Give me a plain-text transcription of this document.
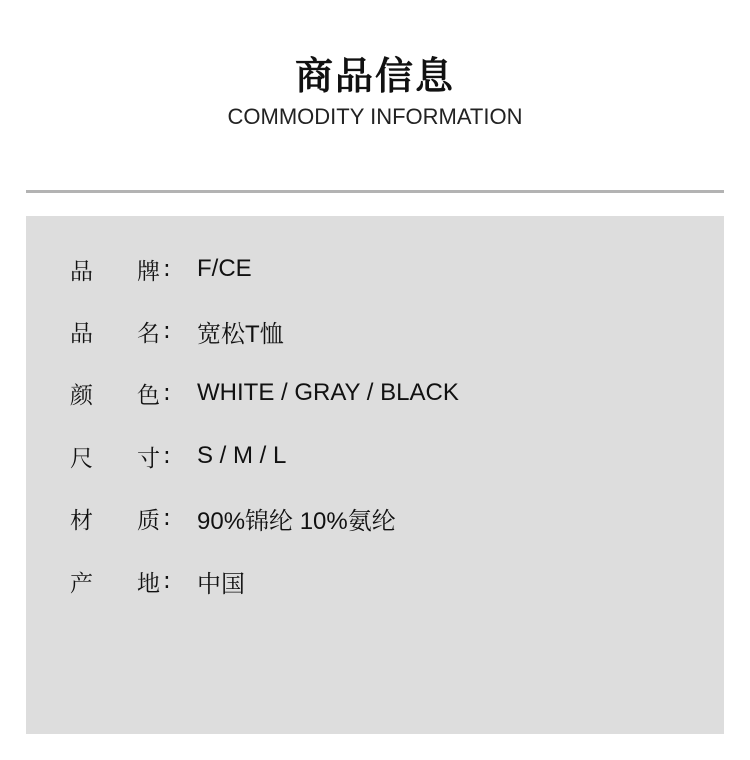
商品信息
COMMODITY INFORMATION
品	牌 :	F/CE
品	名 :	宽松T恤
颜	色 :	WHITE / GRAY / BLACK
尺	寸 :	S / M / L
材	质 :	90%锦纶 10%氨纶
产	地 :	中国
